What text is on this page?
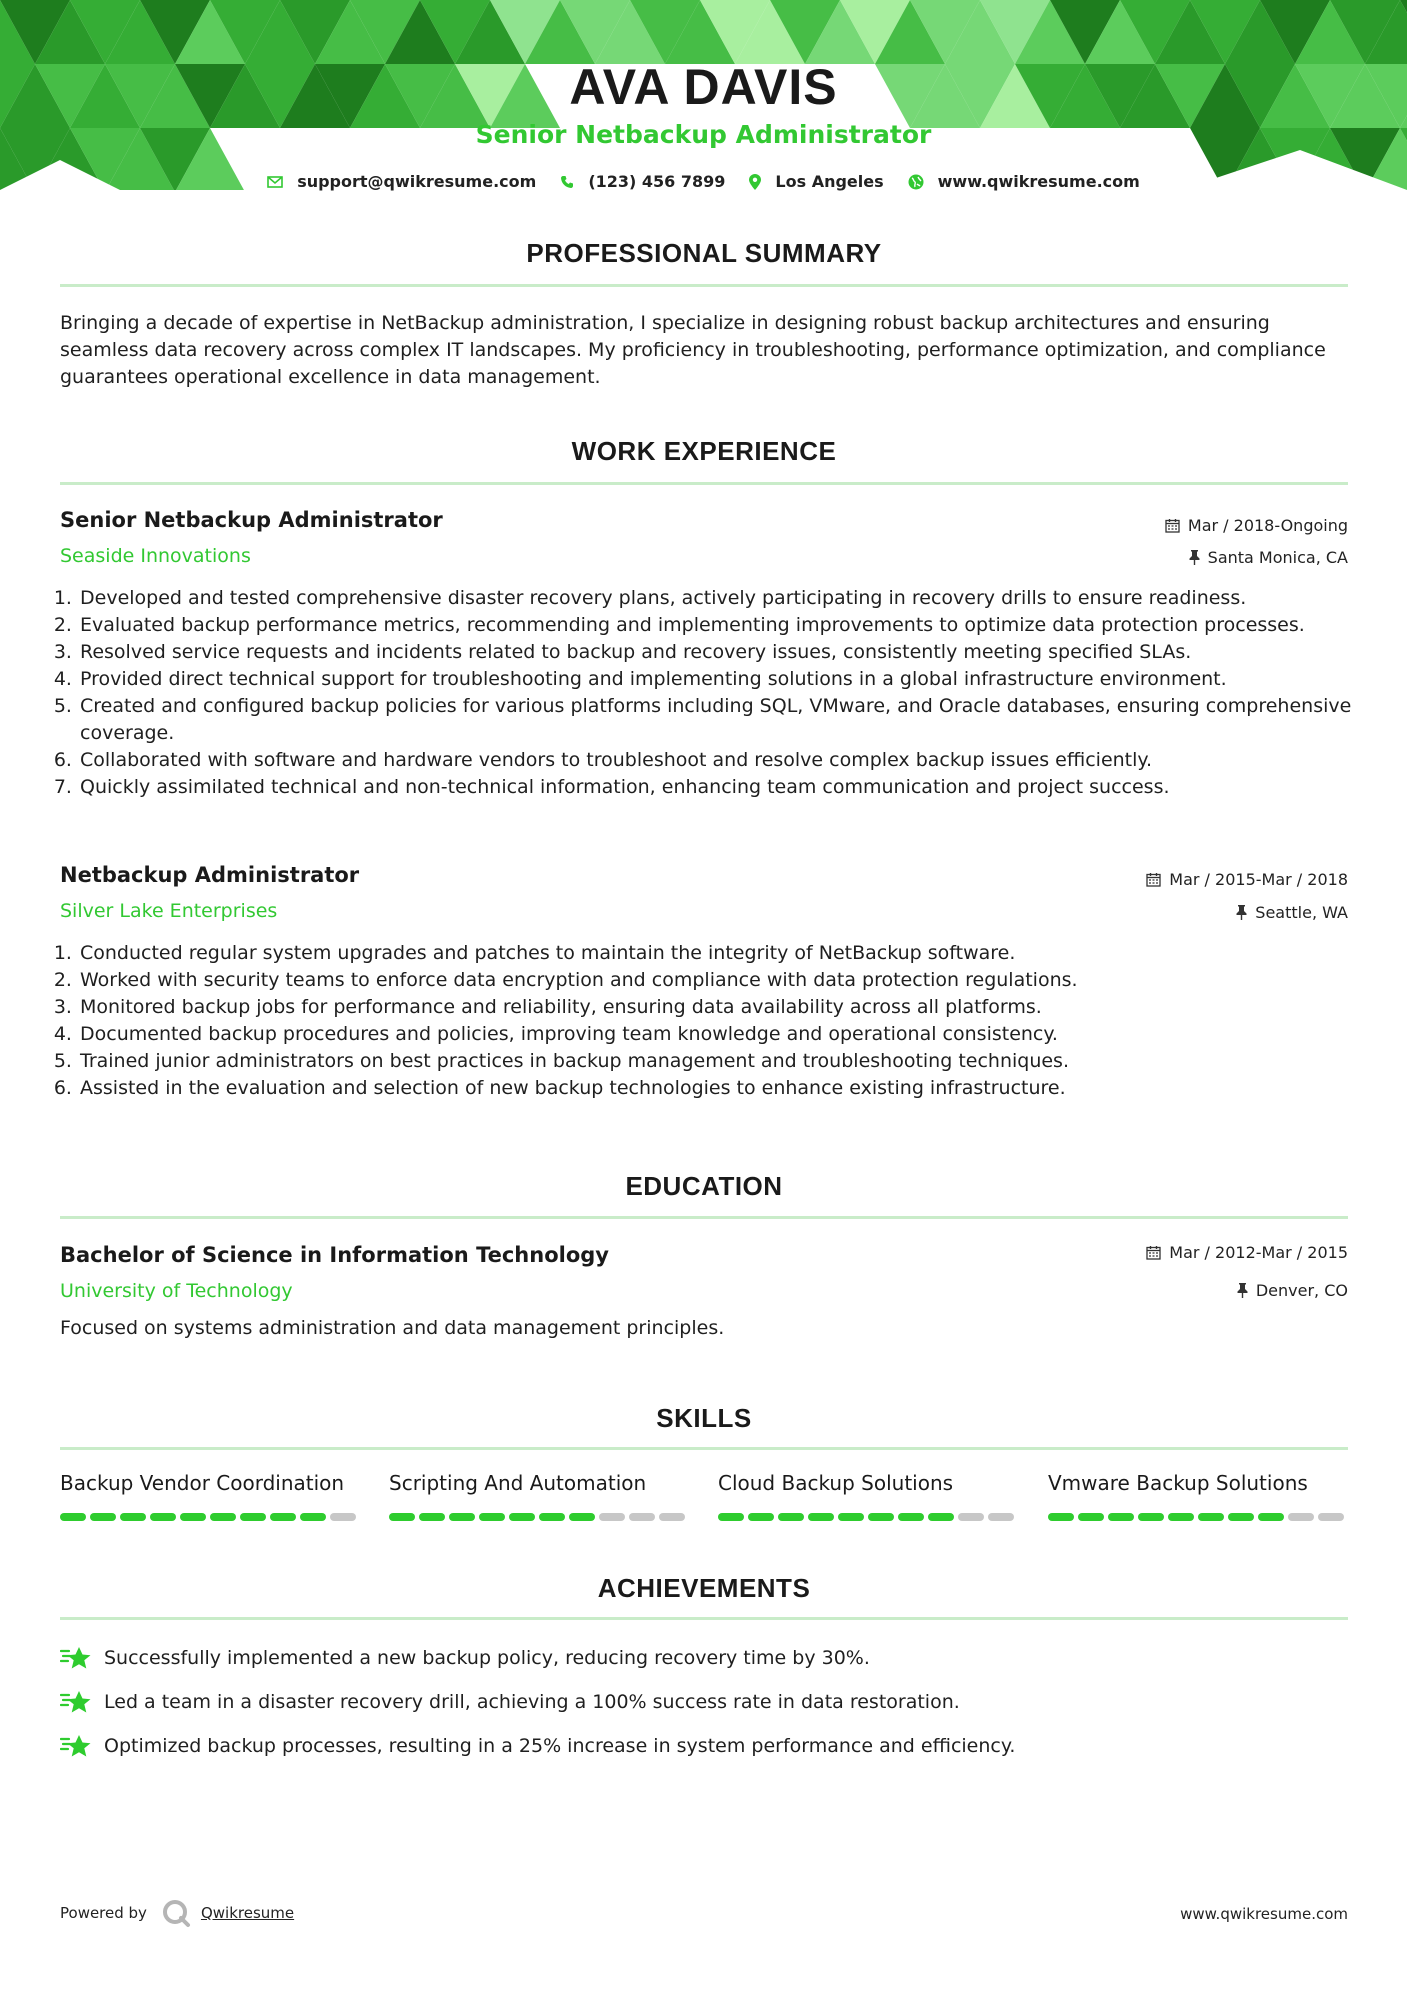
AVA DAVIS
Senior Netbackup Administrator
support@qwikresume.com	(123) 456 7899	Los Angeles	www.qwikresume.com
PROFESSIONAL SUMMARY

Bringing a decade of expertise in NetBackup administration, I specialize in designing robust backup architectures and ensuring seamless data recovery across complex IT landscapes. My proficiency in troubleshooting, performance optimization, and compliance guarantees operational excellence in data management.

WORK EXPERIENCE
Senior Netbackup Administrator	Mar / 2018-Ongoing
Seaside Innovations	Santa Monica, CA
1. Developed and tested comprehensive disaster recovery plans, actively participating in recovery drills to ensure readiness.
2. Evaluated backup performance metrics, recommending and implementing improvements to optimize data protection processes.
3. Resolved service requests and incidents related to backup and recovery issues, consistently meeting specified SLAs.
4. Provided direct technical support for troubleshooting and implementing solutions in a global infrastructure environment.
5. Created and configured backup policies for various platforms including SQL, VMware, and Oracle databases, ensuring comprehensive coverage.
6. Collaborated with software and hardware vendors to troubleshoot and resolve complex backup issues efficiently.
7. Quickly assimilated technical and non-technical information, enhancing team communication and project success.
Netbackup Administrator	Mar / 2015-Mar / 2018
Silver Lake Enterprises	Seattle, WA
1. Conducted regular system upgrades and patches to maintain the integrity of NetBackup software.
2. Worked with security teams to enforce data encryption and compliance with data protection regulations.
3. Monitored backup jobs for performance and reliability, ensuring data availability across all platforms.
4. Documented backup procedures and policies, improving team knowledge and operational consistency.
5. Trained junior administrators on best practices in backup management and troubleshooting techniques.
6. Assisted in the evaluation and selection of new backup technologies to enhance existing infrastructure.
EDUCATION
Bachelor of Science in Information Technology	Mar / 2012-Mar / 2015
University of Technology	Denver, CO

Focused on systems administration and data management principles.

SKILLS
Backup Vendor Coordination	Scripting And Automation	Cloud Backup Solutions	Vmware Backup Solutions
ACHIEVEMENTS
Successfully implemented a new backup policy, reducing recovery time by 30%.
Led a team in a disaster recovery drill, achieving a 100% success rate in data restoration.
Optimized backup processes, resulting in a 25% increase in system performance and efficiency.
Powered by	Qwikresume	www.qwikresume.com
